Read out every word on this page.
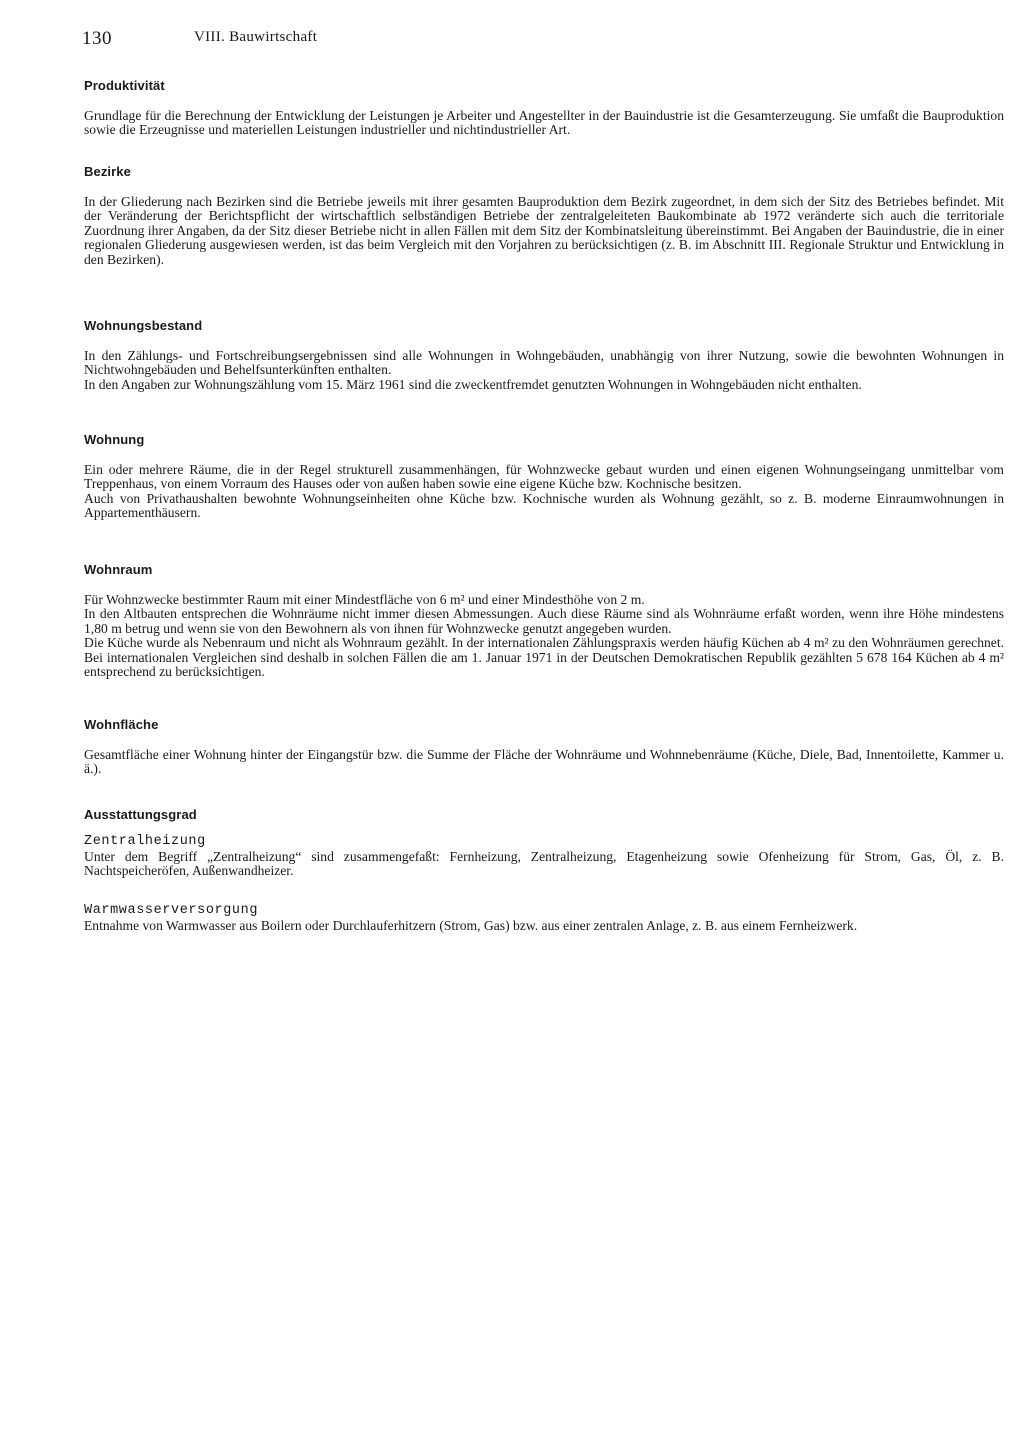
130	VIII. Bauwirtschaft
Produktivität

Grundlage für die Berechnung der Entwicklung der Leistungen je Arbeiter und Angestellter in der Bauindustrie ist die Gesamterzeugung. Sie umfaßt die Bauproduktion sowie die Erzeugnisse und materiellen Leistungen industrieller und nichtindustrieller Art.

Bezirke

In der Gliederung nach Bezirken sind die Betriebe jeweils mit ihrer gesamten Bauproduktion dem Bezirk zugeordnet, in dem sich der Sitz des Betriebes befindet. Mit der Veränderung der Berichtspflicht der wirtschaftlich selbständigen Betriebe der zentralgeleiteten Baukombinate ab 1972 veränderte sich auch die territoriale Zuordnung ihrer Angaben, da der Sitz dieser Betriebe nicht in allen Fällen mit dem Sitz der Kombinatsleitung übereinstimmt. Bei Angaben der Bauindustrie, die in einer regionalen Gliederung ausgewiesen werden, ist das beim Vergleich mit den Vorjahren zu berücksichtigen (z. B. im Abschnitt III. Regionale Struktur und Entwicklung in den Bezirken).

Wohnungsbestand

In den Zählungs- und Fortschreibungsergebnissen sind alle Wohnungen in Wohngebäuden, unabhängig von ihrer Nutzung, sowie die bewohnten Wohnungen in Nichtwohngebäuden und Behelfsunterkünften enthalten.

In den Angaben zur Wohnungszählung vom 15. März 1961 sind die zweckentfremdet genutzten Wohnungen in Wohngebäuden nicht enthalten.

Wohnung

Ein oder mehrere Räume, die in der Regel strukturell zusammenhängen, für Wohnzwecke gebaut wurden und einen eigenen Wohnungseingang unmittelbar vom Treppenhaus, von einem Vorraum des Hauses oder von außen haben sowie eine eigene Küche bzw. Kochnische besitzen.

Auch von Privathaushalten bewohnte Wohnungseinheiten ohne Küche bzw. Kochnische wurden als Wohnung gezählt, so z. B. moderne Einraumwohnungen in Appartementhäusern.

Wohnraum

Für Wohnzwecke bestimmter Raum mit einer Mindestfläche von 6 m² und einer Mindesthöhe von 2 m.

In den Altbauten entsprechen die Wohnräume nicht immer diesen Abmessungen. Auch diese Räume sind als Wohnräume erfaßt worden, wenn ihre Höhe mindestens 1,80 m betrug und wenn sie von den Bewohnern als von ihnen für Wohnzwecke genutzt angegeben wurden.

Die Küche wurde als Nebenraum und nicht als Wohnraum gezählt. In der internationalen Zählungspraxis werden häufig Küchen ab 4 m² zu den Wohnräumen gerechnet. Bei internationalen Vergleichen sind deshalb in solchen Fällen die am 1. Januar 1971 in der Deutschen Demokratischen Republik gezählten 5 678 164 Küchen ab 4 m² entsprechend zu berücksichtigen.

Wohnfläche

Gesamtfläche einer Wohnung hinter der Eingangstür bzw. die Summe der Fläche der Wohnräume und Wohnnebenräume (Küche, Diele, Bad, Innentoilette, Kammer u. ä.).

Ausstattungsgrad
Zentralheizung

Unter dem Begriff „Zentralheizung“ sind zusammengefaßt: Fernheizung, Zentralheizung, Etagenheizung sowie Ofenheizung für Strom, Gas, Öl, z. B. Nachtspeicheröfen, Außenwandheizer.

Warmwasserversorgung

Entnahme von Warmwasser aus Boilern oder Durchlauferhitzern (Strom, Gas) bzw. aus einer zentralen Anlage, z. B. aus einem Fernheizwerk.
